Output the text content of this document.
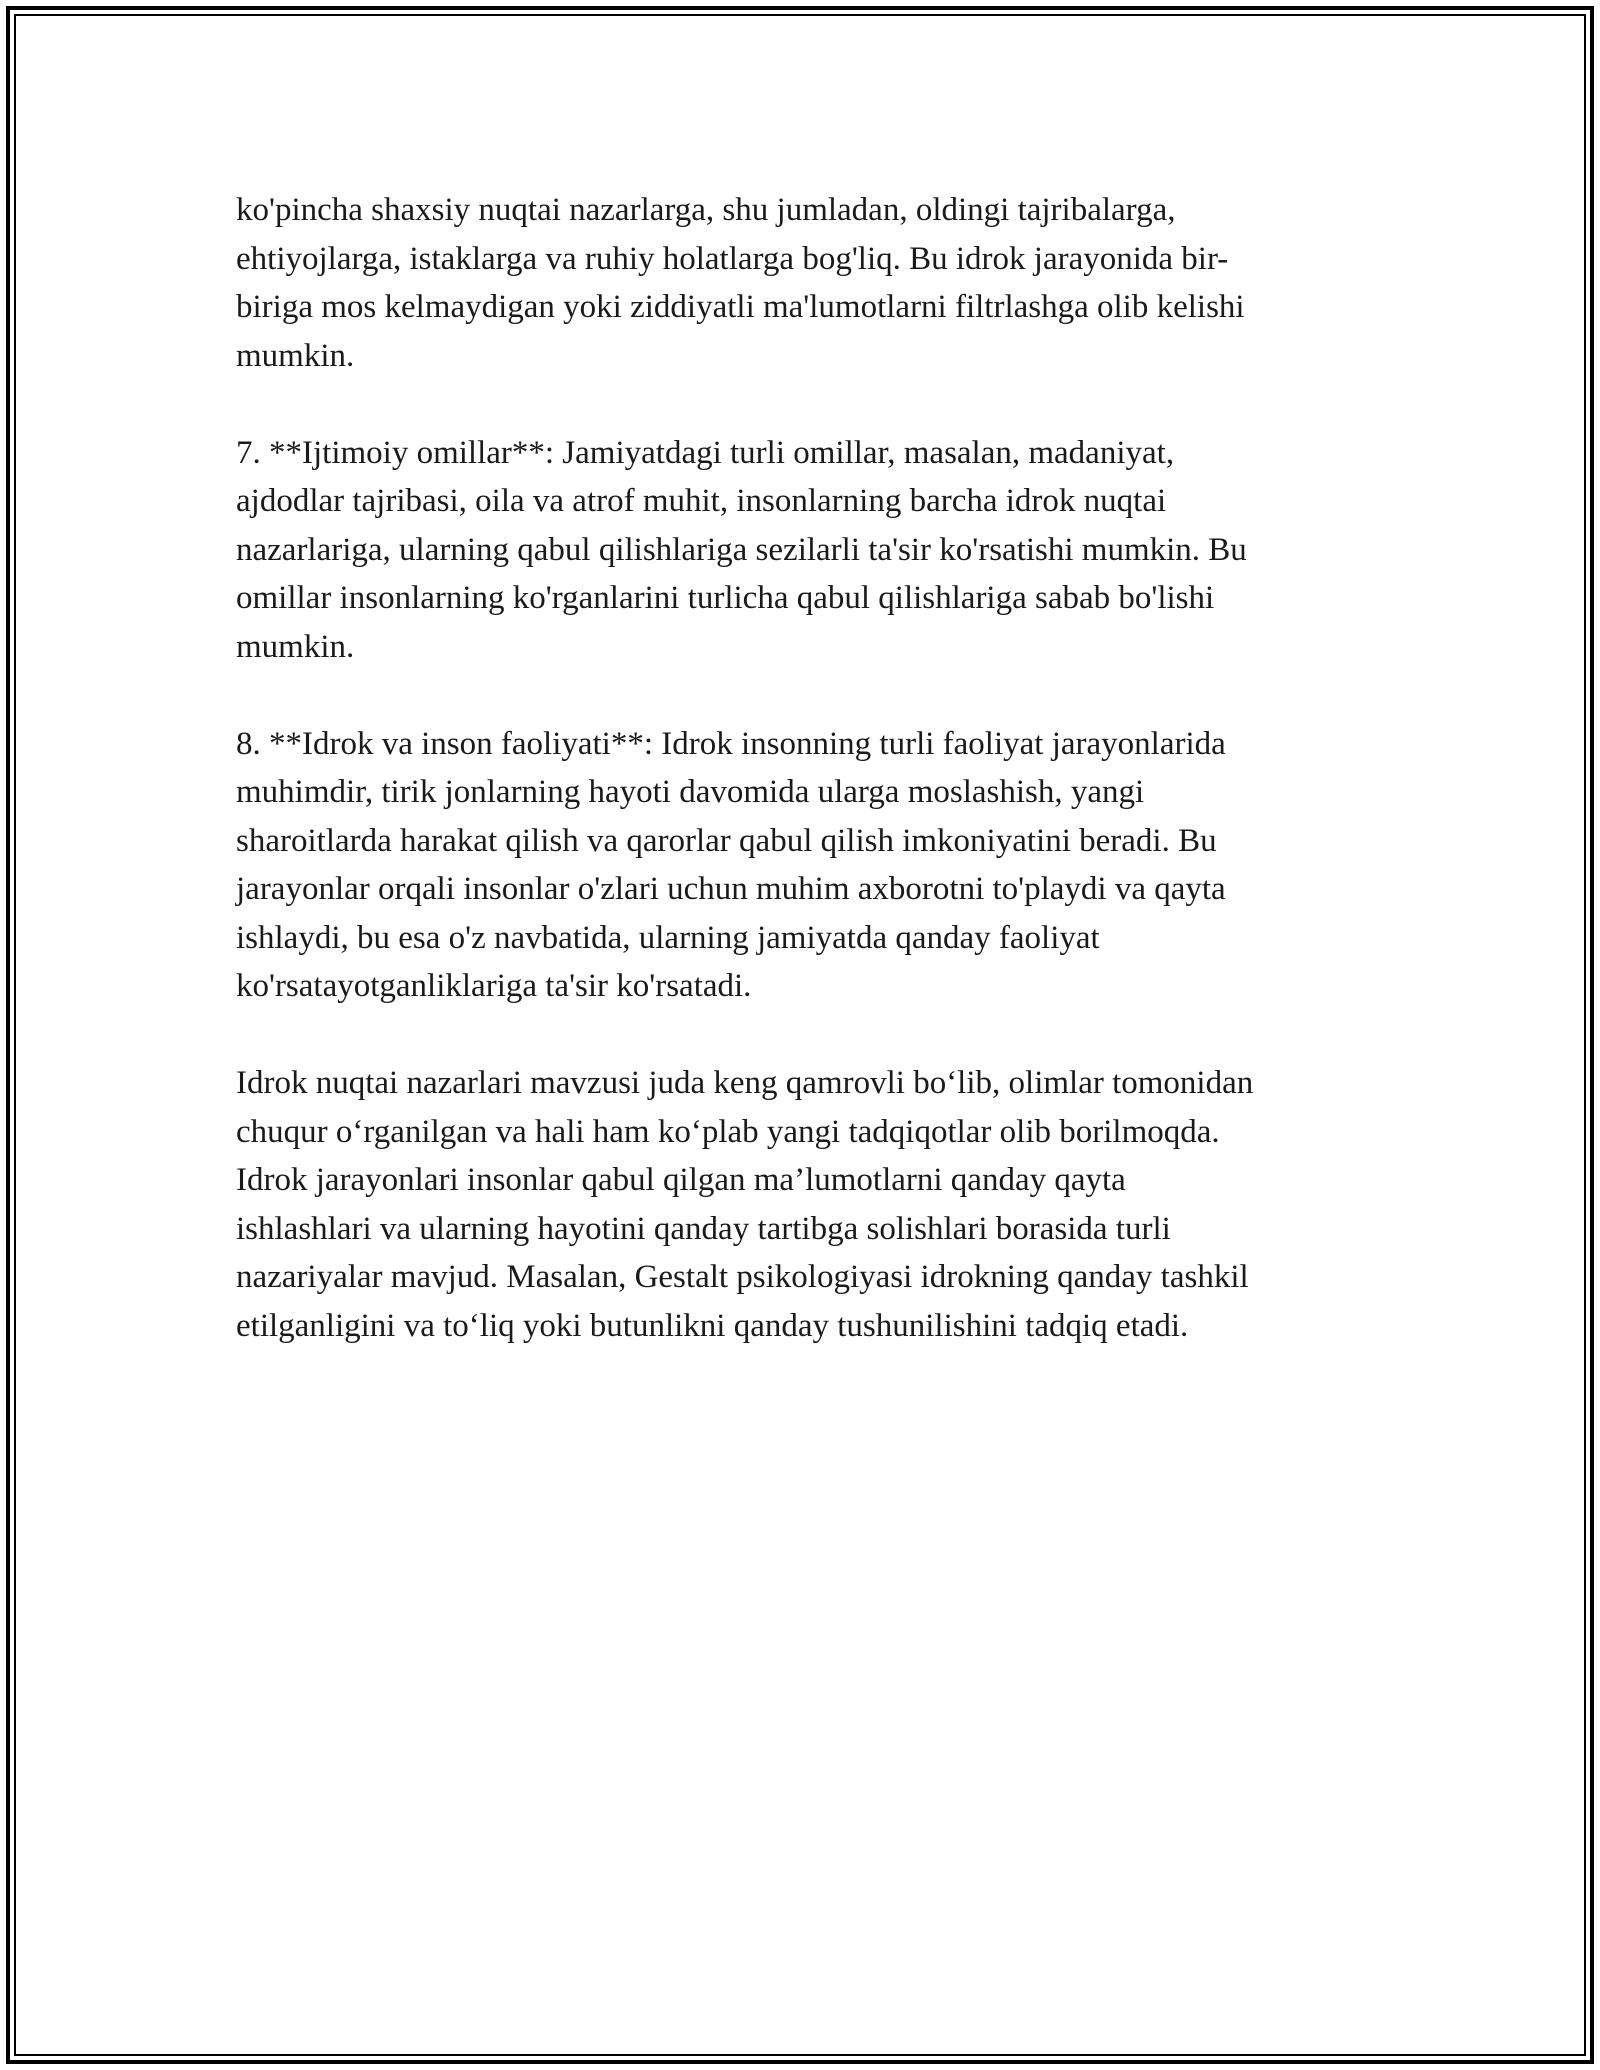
ko'pincha shaxsiy nuqtai nazarlarga, shu jumladan, oldingi tajribalarga,
ehtiyojlarga, istaklarga va ruhiy holatlarga bog'liq. Bu idrok jarayonida bir-
biriga mos kelmaydigan yoki ziddiyatli ma'lumotlarni filtrlashga olib kelishi
mumkin.

7. **Ijtimoiy omillar**: Jamiyatdagi turli omillar, masalan, madaniyat,
ajdodlar tajribasi, oila va atrof muhit, insonlarning barcha idrok nuqtai
nazarlariga, ularning qabul qilishlariga sezilarli ta'sir ko'rsatishi mumkin. Bu
omillar insonlarning ko'rganlarini turlicha qabul qilishlariga sabab bo'lishi
mumkin.

8. **Idrok va inson faoliyati**: Idrok insonning turli faoliyat jarayonlarida
muhimdir, tirik jonlarning hayoti davomida ularga moslashish, yangi
sharoitlarda harakat qilish va qarorlar qabul qilish imkoniyatini beradi. Bu
jarayonlar orqali insonlar o'zlari uchun muhim axborotni to'playdi va qayta
ishlaydi, bu esa o'z navbatida, ularning jamiyatda qanday faoliyat
ko'rsatayotganliklariga ta'sir ko'rsatadi.

Idrok nuqtai nazarlari mavzusi juda keng qamrovli bo‘lib, olimlar tomonidan
chuqur o‘rganilgan va hali ham ko‘plab yangi tadqiqotlar olib borilmoqda.
Idrok jarayonlari insonlar qabul qilgan ma’lumotlarni qanday qayta
ishlashlari va ularning hayotini qanday tartibga solishlari borasida turli
nazariyalar mavjud. Masalan, Gestalt psikologiyasi idrokning qanday tashkil
etilganligini va to‘liq yoki butunlikni qanday tushunilishini tadqiq etadi.
